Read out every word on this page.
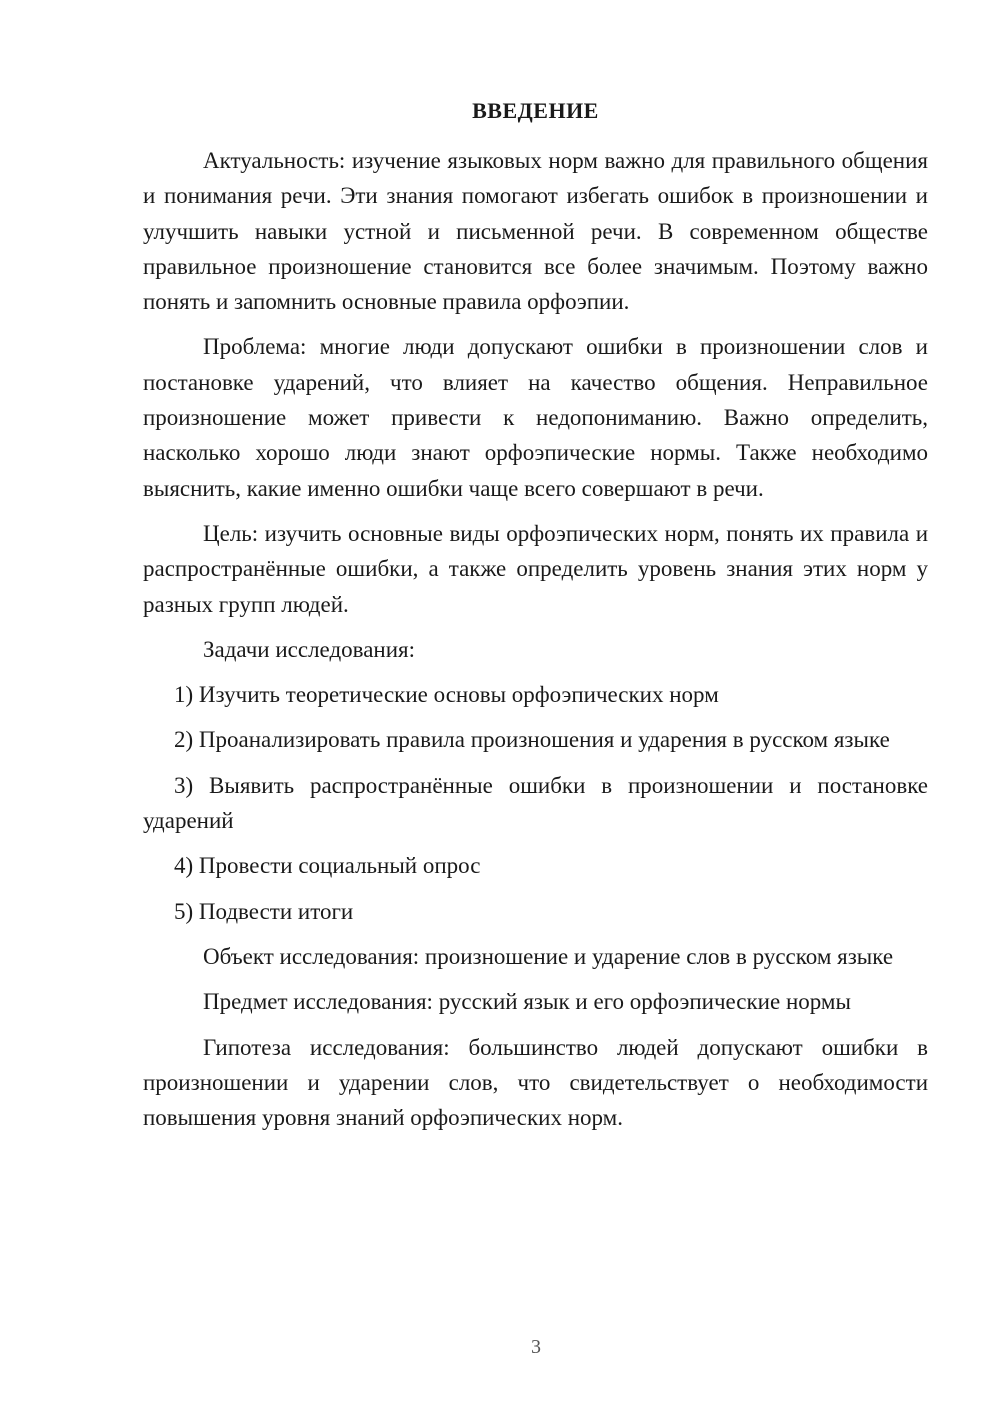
ВВЕДЕНИЕ

Актуальность: изучение языковых норм важно для правильного общения и понимания речи. Эти знания помогают избегать ошибок в произношении и улучшить навыки устной и письменной речи. В современном обществе правильное произношение становится все более значимым. Поэтому важно понять и запомнить основные правила орфоэпии.

Проблема: многие люди допускают ошибки в произношении слов и постановке ударений, что влияет на качество общения. Неправильное произношение может привести к недопониманию. Важно определить, насколько хорошо люди знают орфоэпические нормы. Также необходимо выяснить, какие именно ошибки чаще всего совершают в речи.

Цель: изучить основные виды орфоэпических норм, понять их правила и распространённые ошибки, а также определить уровень знания этих норм у разных групп людей.

Задачи исследования:

1) Изучить теоретические основы орфоэпических норм

2) Проанализировать правила произношения и ударения в русском языке

3) Выявить распространённые ошибки в произношении и постановке ударений

4) Провести социальный опрос

5) Подвести итоги

Объект исследования: произношение и ударение слов в русском языке

Предмет исследования: русский язык и его орфоэпические нормы

Гипотеза исследования: большинство людей допускают ошибки в произношении и ударении слов, что свидетельствует о необходимости повышения уровня знаний орфоэпических норм.

3
